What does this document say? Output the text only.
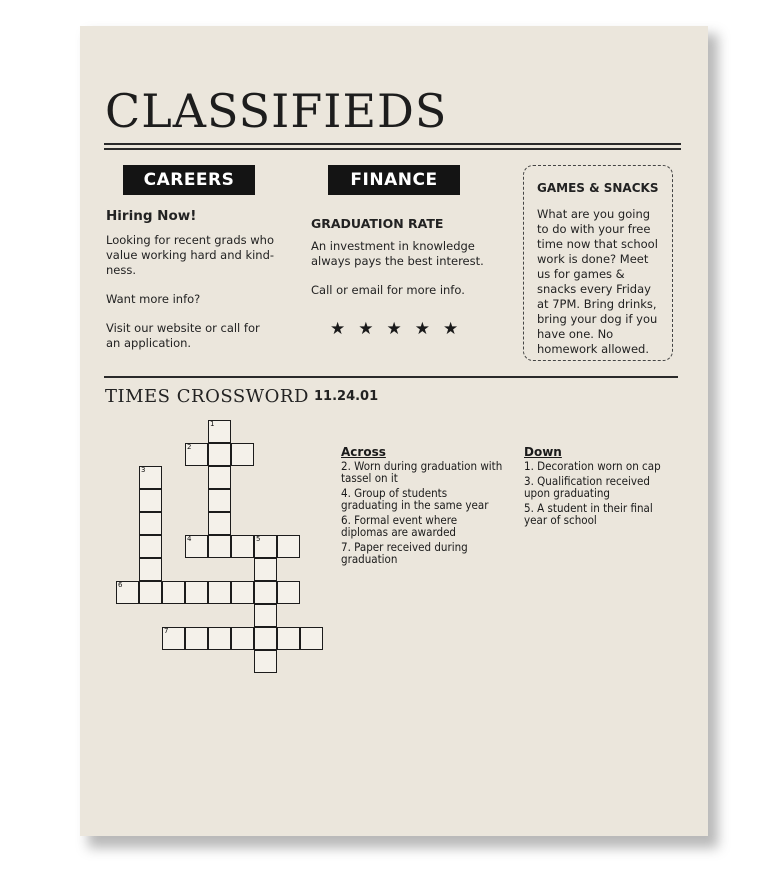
CLASSIFIEDS
CAREERS
Hiring Now!

Looking for recent grads who value working hard and kind-ness.

Want more info?

Visit our website or call for an application.

FINANCE
GRADUATION RATE

An investment in knowledge always pays the best interest.

Call or email for more info.

★★★★★
GAMES & SNACKS

What are you going to do with your free time now that school work is done? Meet us for games & snacks every Friday at 7PM. Bring drinks, bring your dog if you have one. No homework allowed.

TIMES CROSSWORD 11.24.01
1
2
3
4	5
6
7
Across
2. Worn during graduation with tassel on it
4. Group of students graduating in the same year
6. Formal event where diplomas are awarded
7. Paper received during graduation
Down
1. Decoration worn on cap
3. Qualification received upon graduating
5. A student in their final year of school
